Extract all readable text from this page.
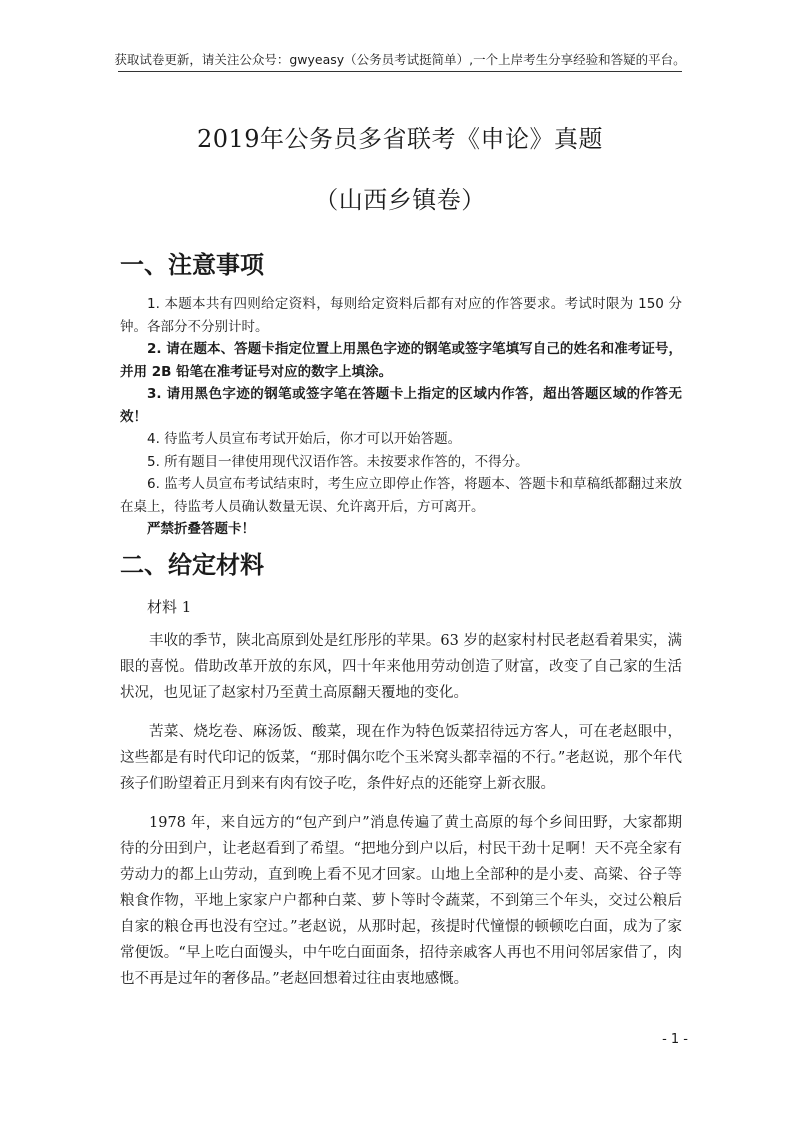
获取试卷更新，请关注公众号：gwyeasy（公务员考试挺简单）,一个上岸考生分享经验和答疑的平台。
2019年公务员多省联考《申论》真题
（山西乡镇卷）
一、注意事项

1. 本题本共有四则给定资料，每则给定资料后都有对应的作答要求。考试时限为 150 分钟。各部分不分别计时。

2. 请在题本、答题卡指定位置上用黑色字迹的钢笔或签字笔填写自己的姓名和准考证号，并用 2B 铅笔在准考证号对应的数字上填涂。

3. 请用黑色字迹的钢笔或签字笔在答题卡上指定的区域内作答，超出答题区域的作答无效！

4. 待监考人员宣布考试开始后，你才可以开始答题。

5. 所有题目一律使用现代汉语作答。未按要求作答的，不得分。

6. 监考人员宣布考试结束时，考生应立即停止作答，将题本、答题卡和草稿纸都翻过来放在桌上，待监考人员确认数量无误、允许离开后，方可离开。

严禁折叠答题卡！

二、给定材料
材料 1

丰收的季节，陕北高原到处是红彤彤的苹果。63 岁的赵家村村民老赵看着果实，满眼的喜悦。借助改革开放的东风，四十年来他用劳动创造了财富，改变了自己家的生活状况，也见证了赵家村乃至黄土高原翻天覆地的变化。

苦菜、烧圪卷、麻汤饭、酸菜，现在作为特色饭菜招待远方客人，可在老赵眼中，这些都是有时代印记的饭菜，“那时偶尔吃个玉米窝头都幸福的不行。”老赵说，那个年代孩子们盼望着正月到来有肉有饺子吃，条件好点的还能穿上新衣服。

1978 年，来自远方的“包产到户”消息传遍了黄土高原的每个乡间田野，大家都期待的分田到户，让老赵看到了希望。“把地分到户以后，村民干劲十足啊！天不亮全家有劳动力的都上山劳动，直到晚上看不见才回家。山地上全部种的是小麦、高粱、谷子等粮食作物，平地上家家户户都种白菜、萝卜等时令蔬菜，不到第三个年头，交过公粮后自家的粮仓再也没有空过。”老赵说，从那时起，孩提时代憧憬的顿顿吃白面，成为了家常便饭。“早上吃白面馒头，中午吃白面面条，招待亲戚客人再也不用问邻居家借了，肉也不再是过年的奢侈品。”老赵回想着过往由衷地感慨。

- 1 -
